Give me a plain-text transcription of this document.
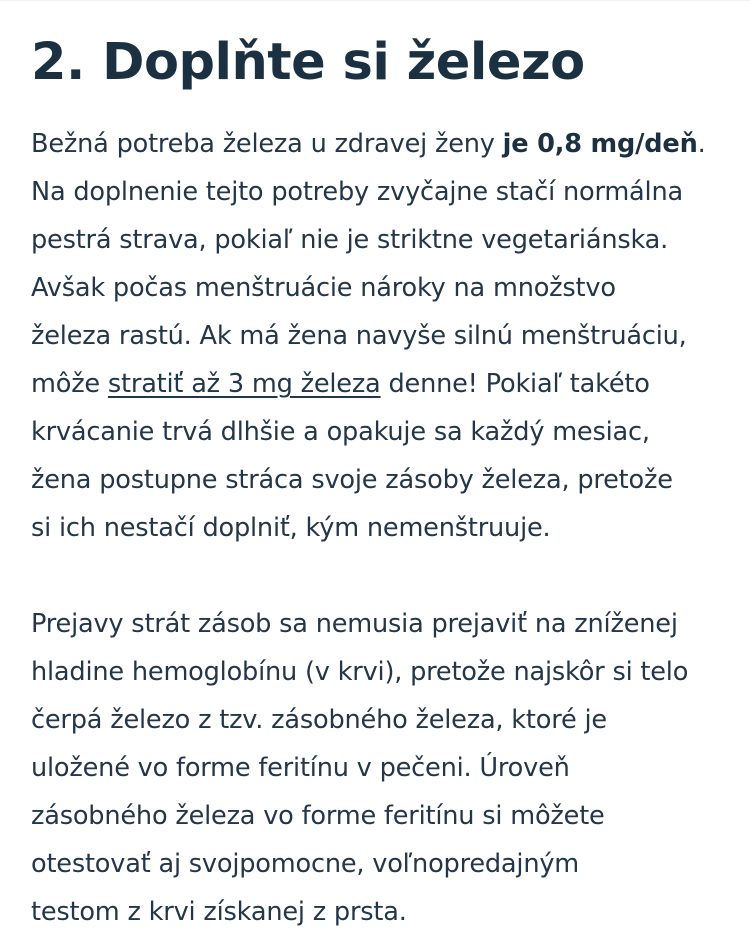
2. Doplňte si železo

Bežná potreba železa u zdravej ženy je 0,8 mg/deň.
Na doplnenie tejto potreby zvyčajne stačí normálna
pestrá strava, pokiaľ nie je striktne vegetariánska.
Avšak počas menštruácie nároky na množstvo
železa rastú. Ak má žena navyše silnú menštruáciu,
môže stratiť až 3 mg železa denne! Pokiaľ takéto
krvácanie trvá dlhšie a opakuje sa každý mesiac,
žena postupne stráca svoje zásoby železa, pretože
si ich nestačí doplniť, kým nemenštruuje.

Prejavy strát zásob sa nemusia prejaviť na zníženej
hladine hemoglobínu (v krvi), pretože najskôr si telo
čerpá železo z tzv. zásobného železa, ktoré je
uložené vo forme feritínu v pečeni. Úroveň
zásobného železa vo forme feritínu si môžete
otestovať aj svojpomocne, voľnopredajným
testom z krvi získanej z prsta.
